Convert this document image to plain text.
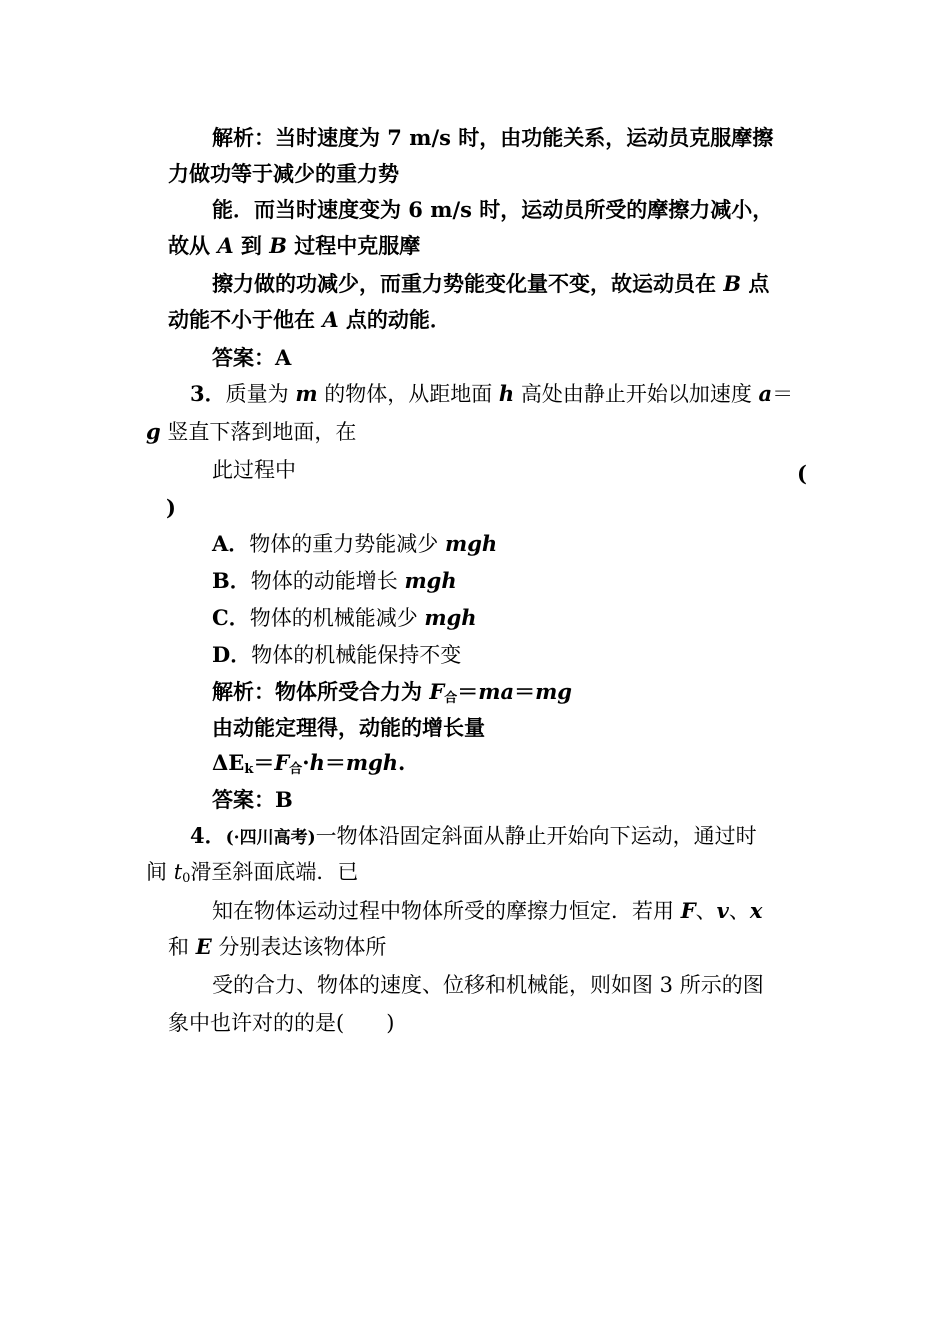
解析：当时速度为 7 m/s 时，由功能关系，运动员克服摩擦
力做功等于减少的重力势
能．而当时速度变为 6 m/s 时，运动员所受的摩擦力减小，
故从 A 到 B 过程中克服摩
擦力做的功减少，而重力势能变化量不变，故运动员在 B 点
动能不小于他在 A 点的动能．
答案：A
3．质量为 m 的物体，从距地面 h 高处由静止开始以加速度 a＝
g 竖直下落到地面，在
此过程中	(
)
A．物体的重力势能减少 mgh
B．物体的动能增长 mgh
C．物体的机械能减少 mgh
D．物体的机械能保持不变
解析：物体所受合力为 $F_合=ma=mg$
由动能定理得，动能的增长量
$\Delta E_k=F_合\cdot h=mgh$.
答案：B
4．(·四川高考)一物体沿固定斜面从静止开始向下运动，通过时
间 $t_0$滑至斜面底端．已
知在物体运动过程中物体所受的摩擦力恒定．若用 F、v、x
和 E 分别表达该物体所
受的合力、物体的速度、位移和机械能，则如图 3 所示的图
象中也许对的的是(　　)
